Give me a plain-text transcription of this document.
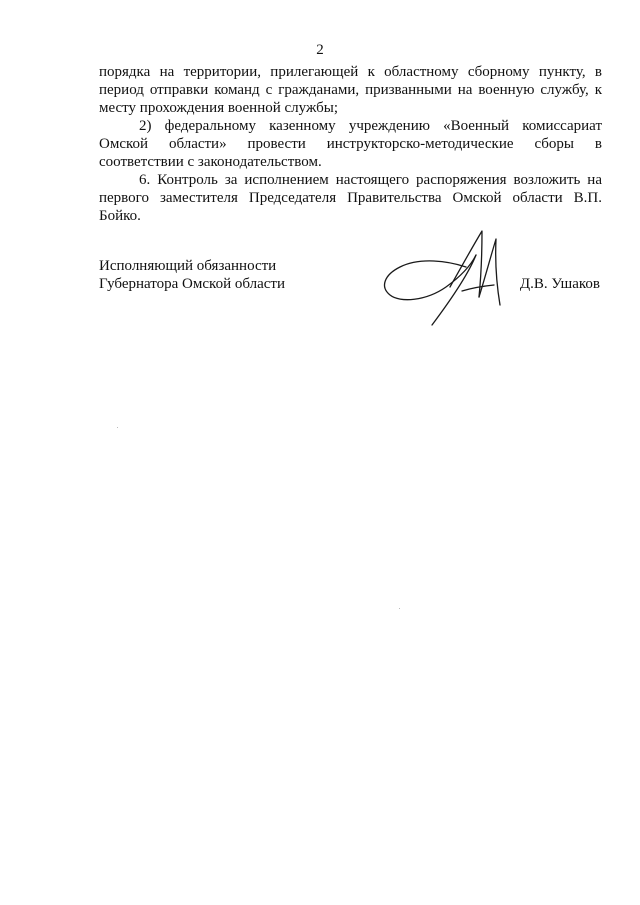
2

порядка на территории, прилегающей к областному сборному пункту, в период отправки команд с гражданами, призванными на военную службу, к месту прохождения военной службы;

2) федеральному казенному учреждению «Военный комиссариат Омской области» провести инструкторско-методические сборы в соответствии с законодательством.

6. Контроль за исполнением настоящего распоряжения возложить на первого заместителя Председателя Правительства Омской области В.П. Бойко.

Исполняющий обязанности
Губернатора Омской области	Д.В. Ушаков
